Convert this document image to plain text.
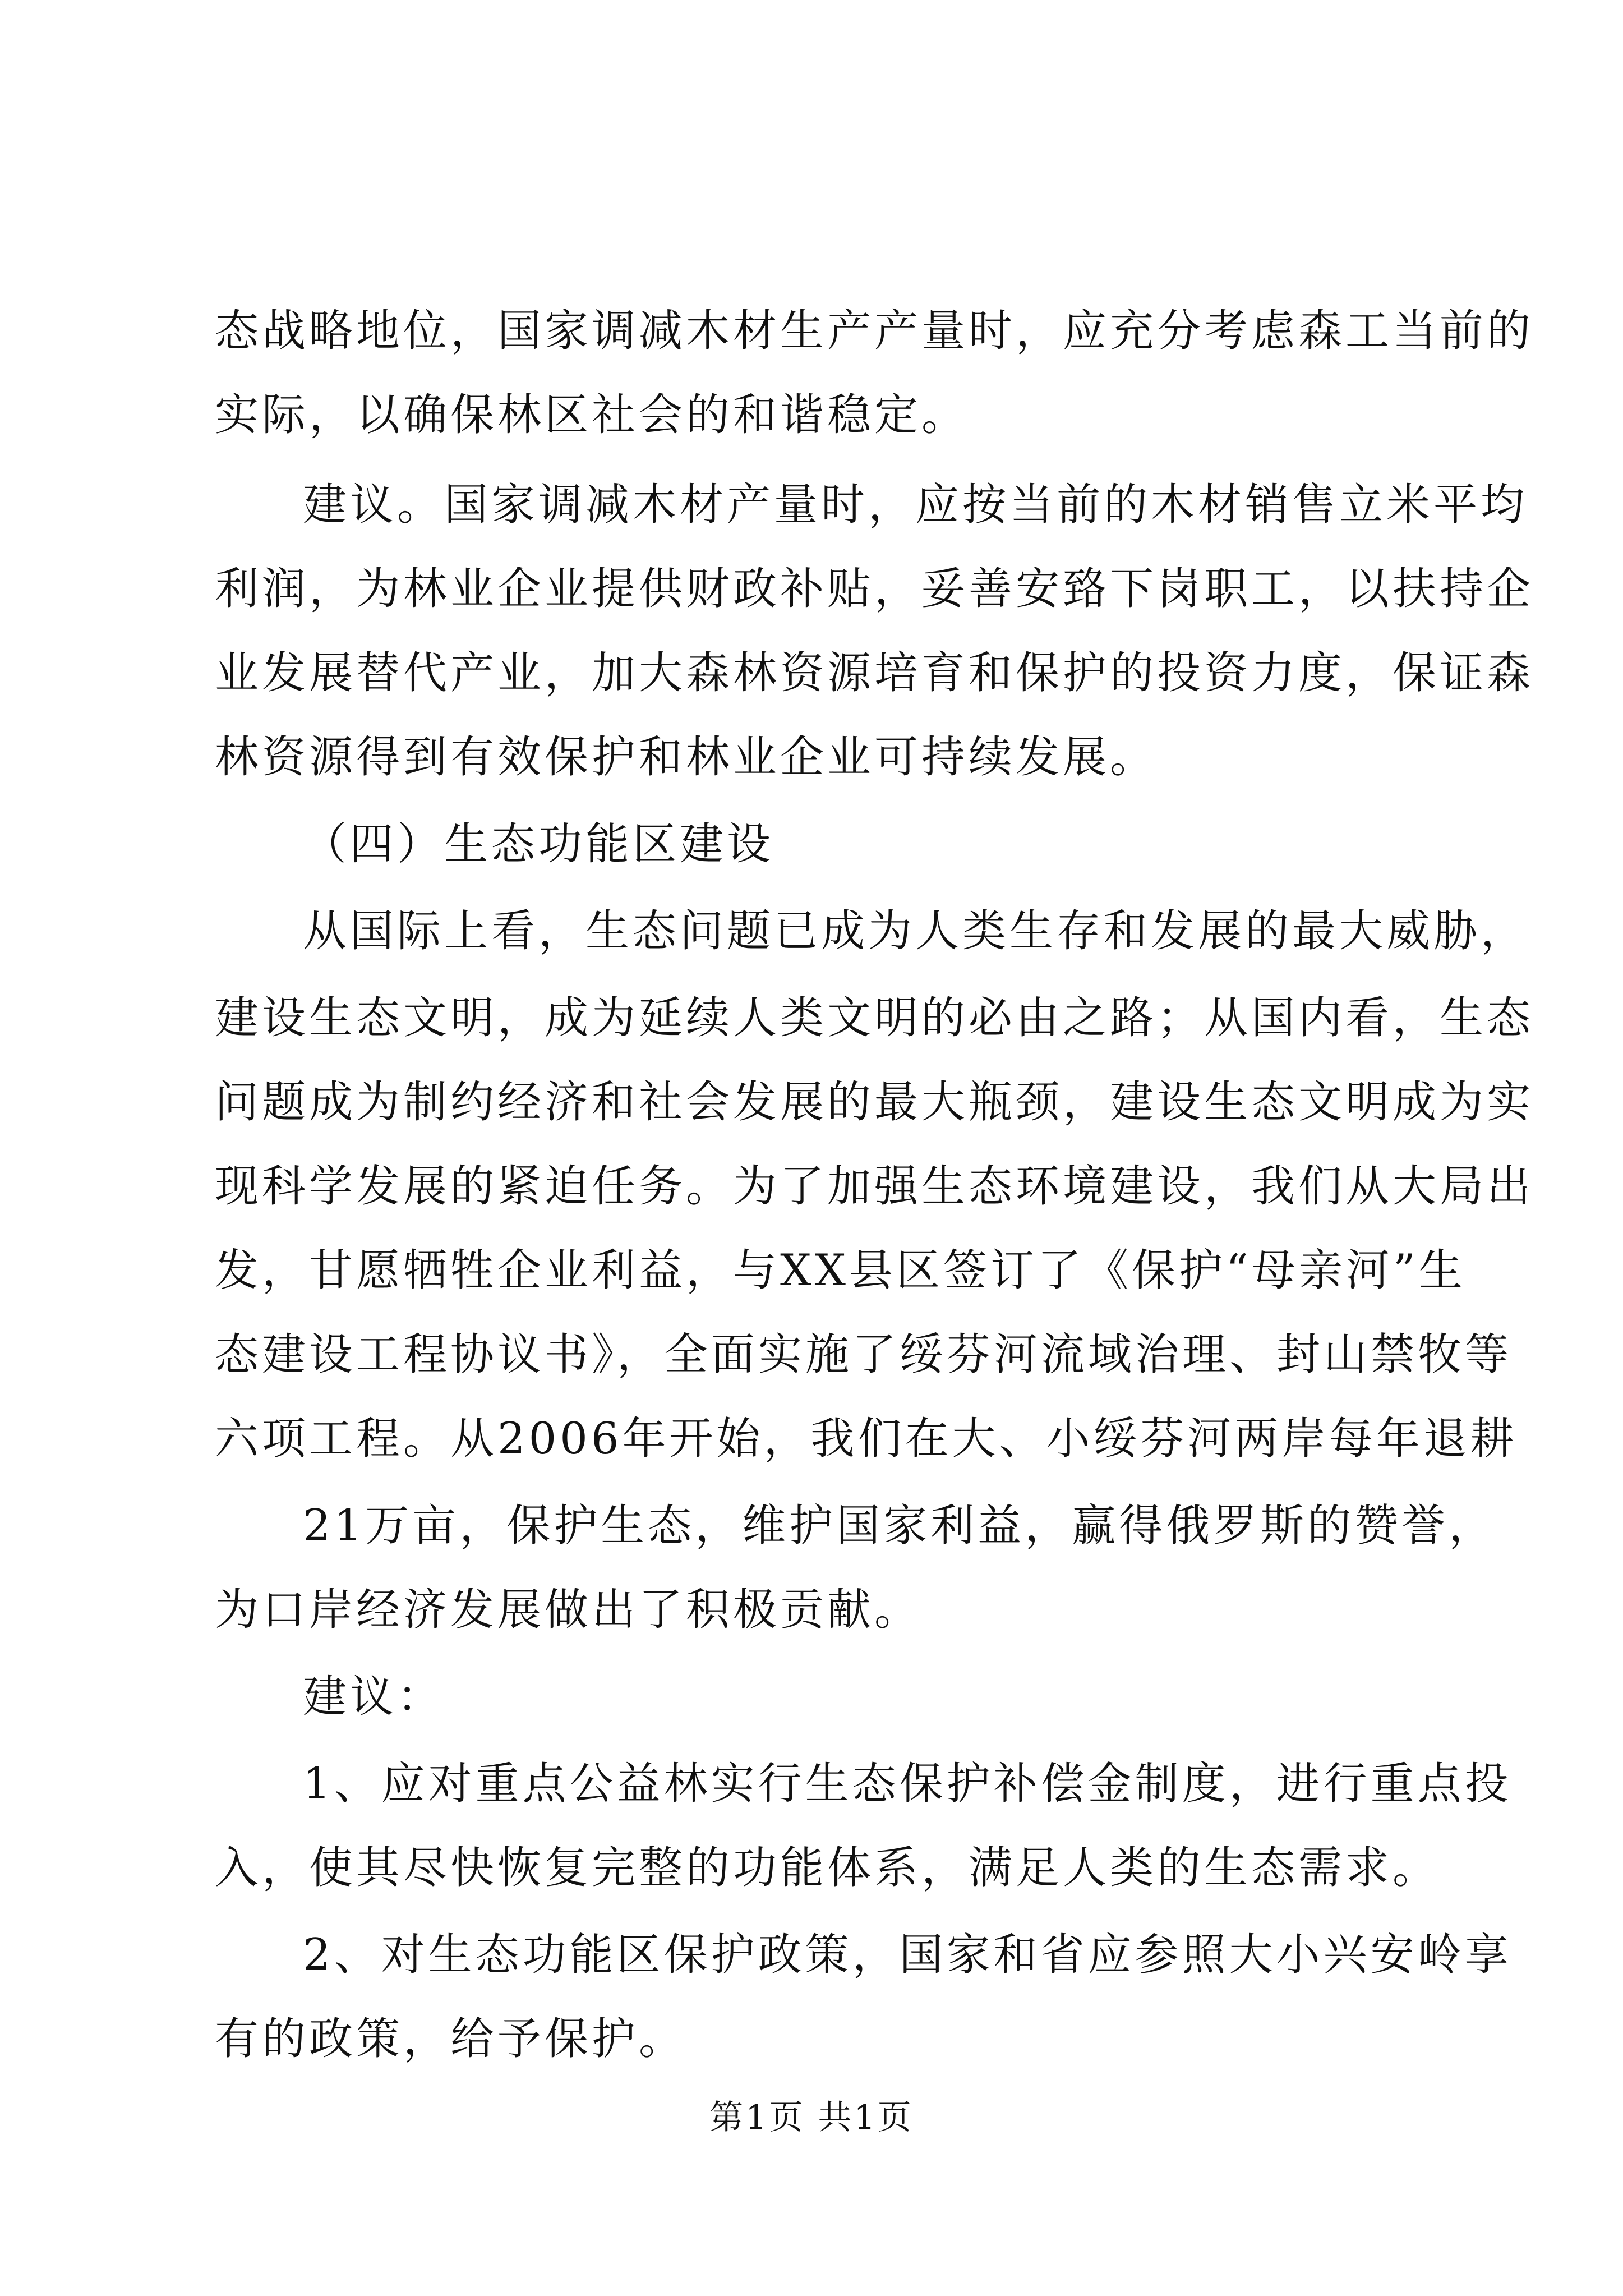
态战略地位，国家调减木材生产产量时，应充分考虑森工当前的
实际，以确保林区社会的和谐稳定。
建议。国家调减木材产量时，应按当前的木材销售立米平均
利润，为林业企业提供财政补贴，妥善安臵下岗职工，以扶持企
业发展替代产业，加大森林资源培育和保护的投资力度，保证森
林资源得到有效保护和林业企业可持续发展。
（四）生态功能区建设
从国际上看，生态问题已成为人类生存和发展的最大威胁，
建设生态文明，成为延续人类文明的必由之路；从国内看，生态
问题成为制约经济和社会发展的最大瓶颈，建设生态文明成为实
现科学发展的紧迫任务。为了加强生态环境建设，我们从大局出
发，甘愿牺牲企业利益，与XX县区签订了《保护“母亲河”生
态建设工程协议书》，全面实施了绥芬河流域治理、封山禁牧等
六项工程。从2006年开始，我们在大、小绥芬河两岸每年退耕
21万亩，保护生态，维护国家利益，赢得俄罗斯的赞誉，
为口岸经济发展做出了积极贡献。
建议：
1、应对重点公益林实行生态保护补偿金制度，进行重点投
入，使其尽快恢复完整的功能体系，满足人类的生态需求。
2、对生态功能区保护政策，国家和省应参照大小兴安岭享
有的政策，给予保护。
第1页 共1页
